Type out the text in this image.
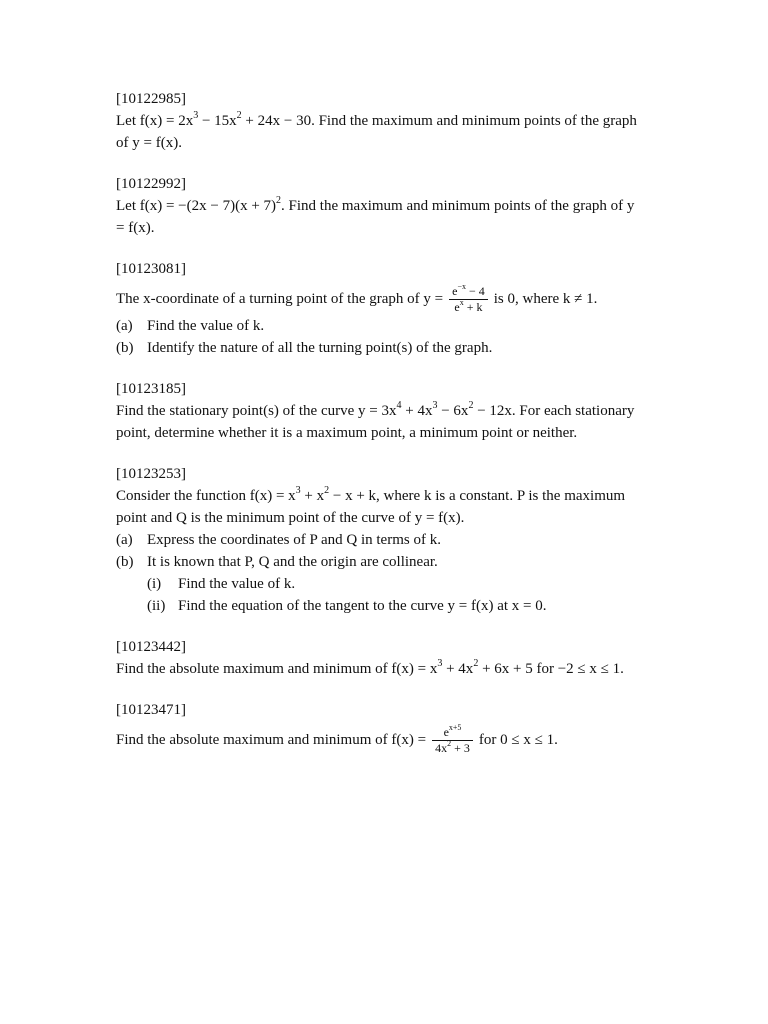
[10122985]
Let $f(x) = 2x^3 - 15x^2 + 24x - 30$. Find the maximum and minimum points of the graph
of y = f(x).
[10122992]
Let $f(x) = -(2x - 7)(x + 7)^2$. Find the maximum and minimum points of the graph of y
= f(x).
[10123081]
The x-coordinate of a turning point of the graph of $y = \frac{e^{-x} - 4}{e^x + k}$ is 0, where k ≠ 1.
(a) Find the value of k.
(b) Identify the nature of all the turning point(s) of the graph.
[10123185]
Find the stationary point(s) of the curve $y = 3x^4 + 4x^3 - 6x^2 - 12x$. For each stationary
point, determine whether it is a maximum point, a minimum point or neither.
[10123253]
Consider the function $f(x) = x^3 + x^2 - x + k$, where k is a constant. P is the maximum
point and Q is the minimum point of the curve of y = f(x).
(a) Express the coordinates of P and Q in terms of k.
(b) It is known that P, Q and the origin are collinear.
(i)	Find the value of k.
(ii) Find the equation of the tangent to the curve y = f(x) at x = 0.
[10123442]
Find the absolute maximum and minimum of $f(x) = x^3 + 4x^2 + 6x + 5$ for −2 ≤ x ≤ 1.
[10123471]
Find the absolute maximum and minimum of $f(x) = \frac{e^{x+5}}{4x^2 + 3}$ for 0 ≤ x ≤ 1.
